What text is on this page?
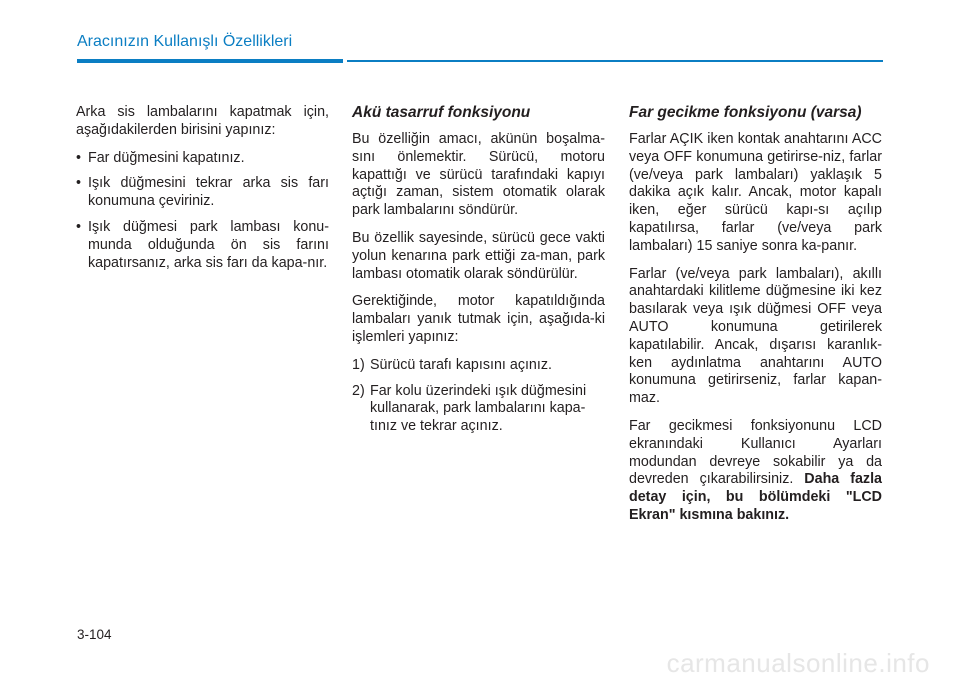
Aracınızın Kullanışlı Özellikleri

Arka sis lambalarını kapatmak için, aşağıdakilerden birisini yapınız:

• Far düğmesini kapatınız.
• Işık düğmesini tekrar arka sis farı konumuna çeviriniz.
• Işık düğmesi park lambası konu-munda olduğunda ön sis farını kapatırsanız, arka sis farı da kapa-nır.
Akü tasarruf fonksiyonu

Bu özelliğin amacı, akünün boşalma-sını önlemektir. Sürücü, motoru kapattığı ve sürücü tarafındaki kapıyı açtığı zaman, sistem otomatik olarak park lambalarını söndürür.

Bu özellik sayesinde, sürücü gece vakti yolun kenarına park ettiği za-man, park lambası otomatik olarak söndürülür.

Gerektiğinde, motor kapatıldığında lambaları yanık tutmak için, aşağıda-ki işlemleri yapınız:

1) Sürücü tarafı kapısını açınız.
2) Far kolu üzerindeki ışık düğmesini kullanarak, park lambalarını kapa-tınız ve tekrar açınız.
Far gecikme fonksiyonu (varsa)

Farlar AÇIK iken kontak anahtarını ACC veya OFF konumuna getirirse-niz, farlar (ve/veya park lambaları) yaklaşık 5 dakika açık kalır. Ancak, motor kapalı iken, eğer sürücü kapı-sı açılıp kapatılırsa, farlar (ve/veya park lambaları) 15 saniye sonra ka-panır.

Farlar (ve/veya park lambaları), akıllı anahtardaki kilitleme düğmesine iki kez basılarak veya ışık düğmesi OFF veya AUTO konumuna getirilerek kapatılabilir. Ancak, dışarısı karanlık-ken aydınlatma anahtarını AUTO konumuna getirirseniz, farlar kapan-maz.

Far gecikmesi fonksiyonunu LCD ekranındaki Kullanıcı Ayarları modundan devreye sokabilir ya da devreden çıkarabilirsiniz. Daha fazla detay için, bu bölümdeki "LCD Ekran" kısmına bakınız.

3-104
carmanualsonline.info
